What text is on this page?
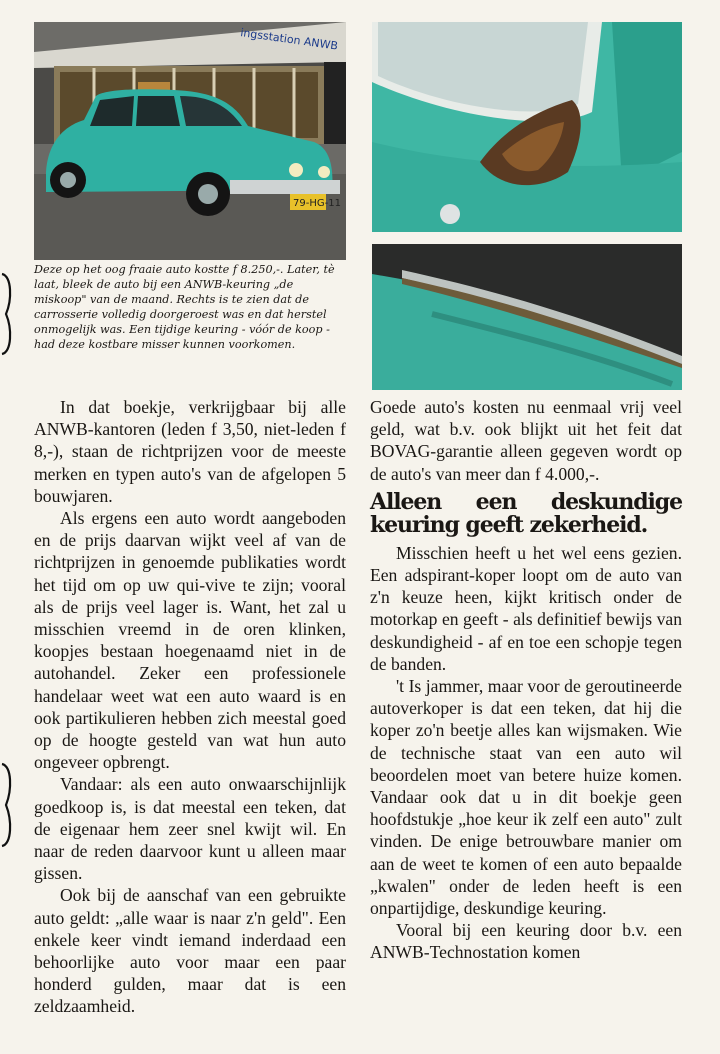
79-HG-11
ingsstation ANWB
Deze op het oog fraaie auto kostte f 8.250,-. Later, tè laat, bleek de auto bij een ANWB-keuring „de miskoop" van de maand. Rechts is te zien dat de carrosserie volledig doorgeroest was en dat herstel onmogelijk was. Een tijdige keuring - vóór de koop - had deze kostbare misser kunnen voorkomen.

In dat boekje, verkrijgbaar bij alle ANWB-kantoren (leden f 3,50, niet-leden f 8,-), staan de richtprijzen voor de meeste merken en typen auto's van de afgelopen 5 bouwjaren.

Als ergens een auto wordt aangeboden en de prijs daarvan wijkt veel af van de richtprijzen in genoemde publikaties wordt het tijd om op uw qui-vive te zijn; vooral als de prijs veel lager is. Want, het zal u misschien vreemd in de oren klinken, koopjes bestaan hoegenaamd niet in de autohandel. Zeker een professionele handelaar weet wat een auto waard is en ook partikulieren hebben zich meestal goed op de hoogte gesteld van wat hun auto ongeveer opbrengt.

Vandaar: als een auto onwaarschijnlijk goedkoop is, is dat meestal een teken, dat de eigenaar hem zeer snel kwijt wil. En naar de reden daarvoor kunt u alleen maar gissen.

Ook bij de aanschaf van een gebruikte auto geldt: „alle waar is naar z'n geld". Een enkele keer vindt iemand inderdaad een behoorlijke auto voor maar een paar honderd gulden, maar dat is een zeldzaamheid.

Goede auto's kosten nu eenmaal vrij veel geld, wat b.v. ook blijkt uit het feit dat BOVAG-garantie alleen gegeven wordt op de auto's van meer dan f 4.000,-.

Alleen een deskundige keuring geeft zekerheid.

Misschien heeft u het wel eens gezien. Een adspirant-koper loopt om de auto van z'n keuze heen, kijkt kritisch onder de motorkap en geeft - als definitief bewijs van deskundigheid - af en toe een schopje tegen de banden.

't Is jammer, maar voor de geroutineerde autoverkoper is dat een teken, dat hij die koper zo'n beetje alles kan wijsmaken. Wie de technische staat van een auto wil beoordelen moet van betere huize komen. Vandaar ook dat u in dit boekje geen hoofdstukje „hoe keur ik zelf een auto" zult vinden. De enige betrouwbare manier om aan de weet te komen of een auto bepaalde „kwalen" onder de leden heeft is een onpartijdige, deskundige keuring.

Vooral bij een keuring door b.v. een ANWB-Technostation komen
